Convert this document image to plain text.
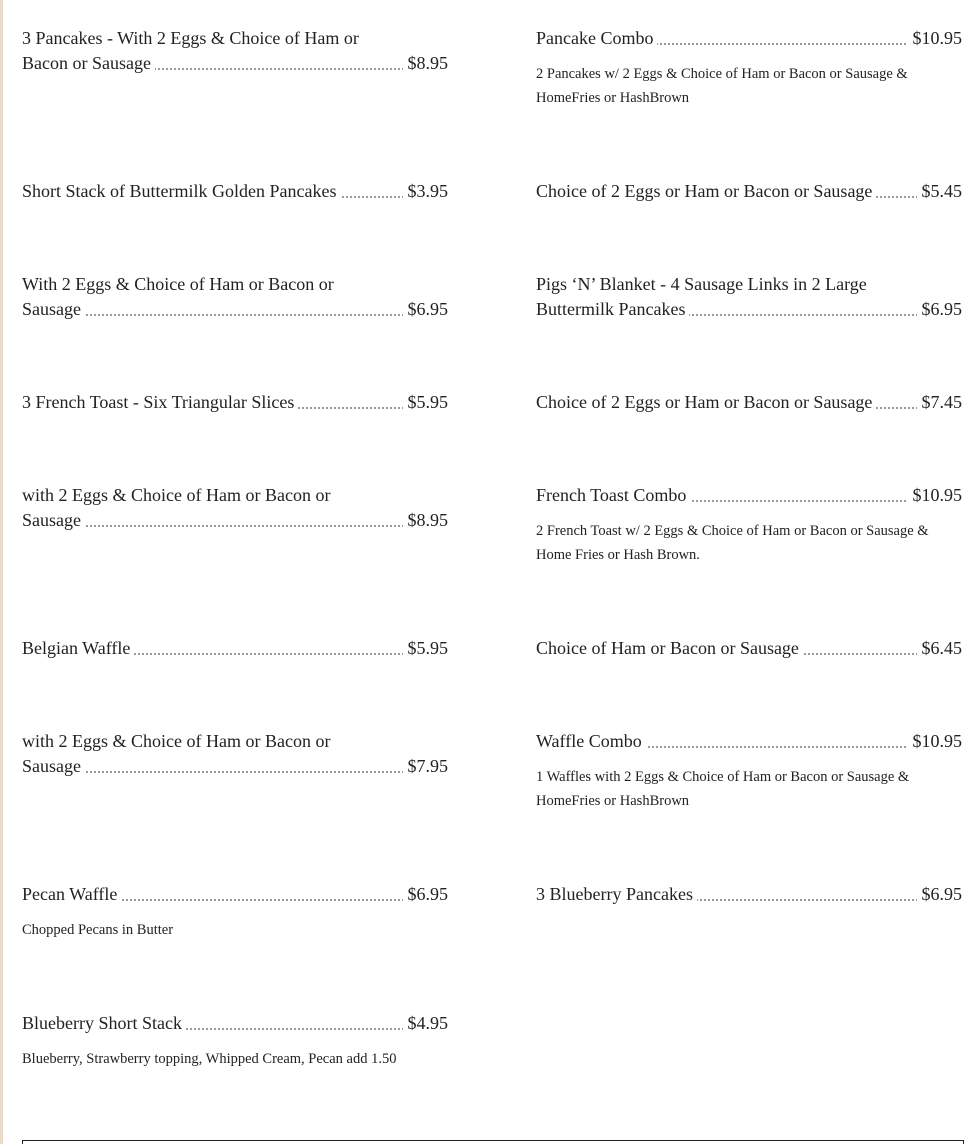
3 Pancakes - With 2 Eggs & Choice of Ham or
Bacon or Sausage	$8.95
Short Stack of Buttermilk Golden Pancakes	$3.95
With 2 Eggs & Choice of Ham or Bacon or
Sausage	$6.95
3 French Toast - Six Triangular Slices	$5.95
with 2 Eggs & Choice of Ham or Bacon or
Sausage	$8.95
Belgian Waffle	$5.95
with 2 Eggs & Choice of Ham or Bacon or
Sausage	$7.95
Pecan Waffle	$6.95
Chopped Pecans in Butter
Blueberry Short Stack	$4.95
Blueberry, Strawberry topping, Whipped Cream, Pecan add 1.50
Pancake Combo	$10.95
2 Pancakes w/ 2 Eggs & Choice of Ham or Bacon or Sausage &
HomeFries or HashBrown
Choice of 2 Eggs or Ham or Bacon or Sausage	$5.45
Pigs ‘N’ Blanket - 4 Sausage Links in 2 Large
Buttermilk Pancakes	$6.95
Choice of 2 Eggs or Ham or Bacon or Sausage	$7.45
French Toast Combo	$10.95
2 French Toast w/ 2 Eggs & Choice of Ham or Bacon or Sausage &
Home Fries or Hash Brown.
Choice of Ham or Bacon or Sausage	$6.45
Waffle Combo	$10.95
1 Waffles with 2 Eggs & Choice of Ham or Bacon or Sausage &
HomeFries or HashBrown
3 Blueberry Pancakes	$6.95
